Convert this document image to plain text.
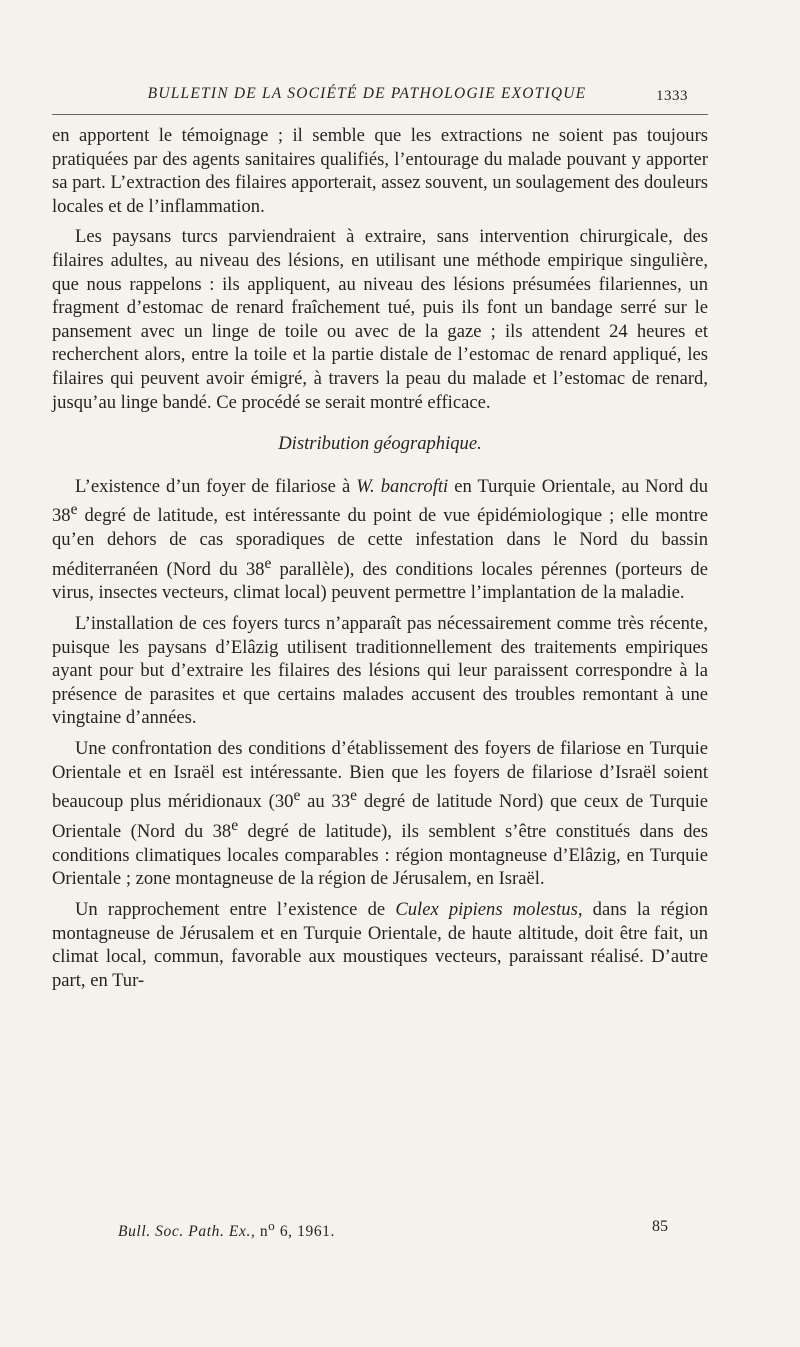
BULLETIN DE LA SOCIÉTÉ DE PATHOLOGIE EXOTIQUE	1333

en apportent le témoignage ; il semble que les extractions ne soient pas toujours pratiquées par des agents sanitaires qualifiés, l’entourage du malade pouvant y apporter sa part. L’extraction des filaires apporterait, assez souvent, un soulagement des douleurs locales et de l’inflammation.

Les paysans turcs parviendraient à extraire, sans intervention chirurgicale, des filaires adultes, au niveau des lésions, en utilisant une méthode empirique singulière, que nous rappelons : ils appliquent, au niveau des lésions présumées filariennes, un fragment d’estomac de renard fraîchement tué, puis ils font un bandage serré sur le pansement avec un linge de toile ou avec de la gaze ; ils attendent 24 heures et recherchent alors, entre la toile et la partie distale de l’estomac de renard appliqué, les filaires qui peuvent avoir émigré, à travers la peau du malade et l’estomac de renard, jusqu’au linge bandé. Ce procédé se serait montré efficace.

Distribution géographique.

L’existence d’un foyer de filariose à W. bancrofti en Turquie Orientale, au Nord du 38e degré de latitude, est intéressante du point de vue épidémiologique ; elle montre qu’en dehors de cas sporadiques de cette infestation dans le Nord du bassin méditerranéen (Nord du 38e parallèle), des conditions locales pérennes (porteurs de virus, insectes vecteurs, climat local) peuvent permettre l’implantation de la maladie.

L’installation de ces foyers turcs n’apparaît pas nécessairement comme très récente, puisque les paysans d’Elâzig utilisent traditionnellement des traitements empiriques ayant pour but d’extraire les filaires des lésions qui leur paraissent correspondre à la présence de parasites et que certains malades accusent des troubles remontant à une vingtaine d’années.

Une confrontation des conditions d’établissement des foyers de filariose en Turquie Orientale et en Israël est intéressante. Bien que les foyers de filariose d’Israël soient beaucoup plus méridionaux (30e au 33e degré de latitude Nord) que ceux de Turquie Orientale (Nord du 38e degré de latitude), ils semblent s’être constitués dans des conditions climatiques locales comparables : région montagneuse d’Elâzig, en Turquie Orientale ; zone montagneuse de la région de Jérusalem, en Israël.

Un rapprochement entre l’existence de Culex pipiens molestus, dans la région montagneuse de Jérusalem et en Turquie Orientale, de haute altitude, doit être fait, un climat local, commun, favorable aux moustiques vecteurs, paraissant réalisé. D’autre part, en Tur-

Bull. Soc. Path. Ex., $n^o$ 6, 1961.	85
